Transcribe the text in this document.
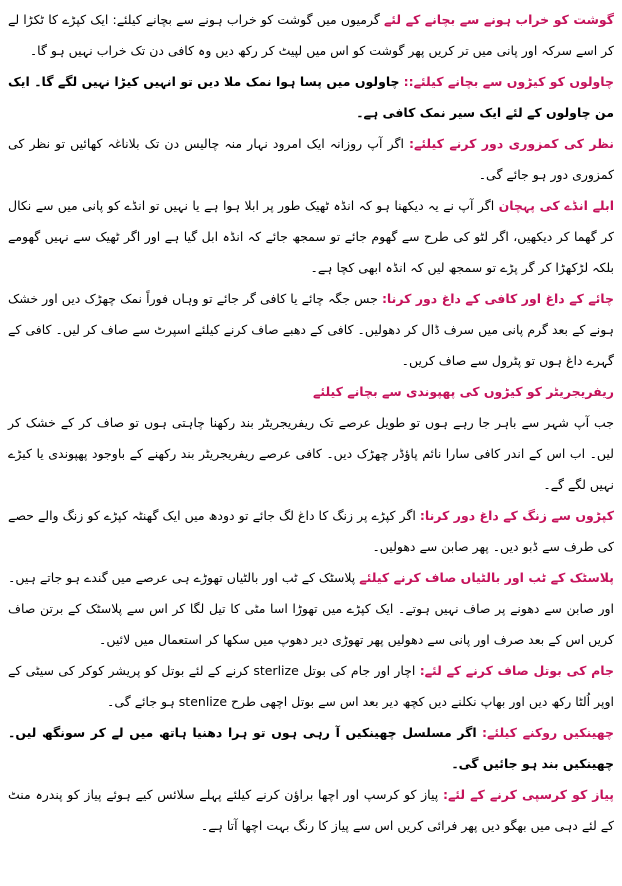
گوشت کو خراب ہونے سے بچانے کے لئے گرمیوں میں گوشت کو خراب ہونے سے بچانے کیلئے: ایک کپڑے کا ٹکڑا لے کر اسے سرکہ اور پانی میں تر کریں پھر گوشت کو اس میں لپیٹ کر رکھ دیں وہ کافی دن تک خراب نہیں ہو گا۔

چاولوں کو کیڑوں سے بچانے کیلئے:: چاولوں میں پسا ہوا نمک ملا دیں تو انہیں کیڑا نہیں لگے گا۔ ایک من چاولوں کے لئے ایک سیر نمک کافی ہے۔

نظر کی کمزوری دور کرنے کیلئے: اگر آپ روزانہ ایک امرود نہار منہ چالیس دن تک بلاناغہ کھائیں تو نظر کی کمزوری دور ہو جائے گی۔

ابلے انڈے کی پہچان اگر آپ نے یہ دیکھنا ہو کہ انڈہ ٹھیک طور پر ابلا ہوا ہے یا نہیں تو انڈے کو پانی میں سے نکال کر گھما کر دیکھیں، اگر لٹو کی طرح سے گھوم جائے تو سمجھ جائے کہ انڈہ ابل گیا ہے اور اگر ٹھیک سے نہیں گھومے بلکہ لڑکھڑا کر گر پڑے تو سمجھ لیں کہ انڈہ ابھی کچا ہے۔

چائے کے داغ اور کافی کے داغ دور کرنا: جس جگہ چائے یا کافی گر جائے تو وہاں فوراً نمک چھڑک دیں اور خشک ہونے کے بعد گرم پانی میں سرف ڈال کر دھولیں۔ کافی کے دھبے صاف کرنے کیلئے اسپرٹ سے صاف کر لیں۔ کافی کے گہرے داغ ہوں تو پٹرول سے صاف کریں۔

ریفریجریٹر کو کیڑوں کی پھپوندی سے بچانے کیلئے

جب آپ شہر سے باہر جا رہے ہوں تو طویل عرصے تک ریفریجریٹر بند رکھنا چاہتی ہوں تو صاف کر کے خشک کر لیں۔ اب اس کے اندر کافی سارا نائم پاؤڈر چھڑک دیں۔ کافی عرصے ریفریجریٹر بند رکھنے کے باوجود پھپوندی یا کیڑے نہیں لگے گے۔

کپڑوں سے زنگ کے داغ دور کرنا: اگر کپڑے پر زنگ کا داغ لگ جائے تو دودھ میں ایک گھنٹہ کپڑے کو زنگ والے حصے کی طرف سے ڈبو دیں۔ پھر صابن سے دھولیں۔

پلاسٹک کے ٹب اور بالٹیاں صاف کرنے کیلئے پلاسٹک کے ٹب اور بالٹیاں تھوڑے ہی عرصے میں گندے ہو جاتے ہیں۔ اور صابن سے دھونے پر صاف نہیں ہوتے۔ ایک کپڑے میں تھوڑا اسا مٹی کا تیل لگا کر اس سے پلاسٹک کے برتن صاف کریں اس کے بعد صرف اور پانی سے دھولیں پھر تھوڑی دیر دھوپ میں سکھا کر استعمال میں لائیں۔

جام کی بوتل صاف کرنے کے لئے: اچار اور جام کی بوتل sterlize کرنے کے لئے بوتل کو پریشر کوکر کی سیٹی کے اوپر اُلٹا رکھ دیں اور بھاپ نکلنے دیں کچھ دیر بعد اس سے بوتل اچھی طرح stenlize ہو جائے گی۔

چھینکیں روکنے کیلئے: اگر مسلسل چھینکیں آ رہی ہوں تو ہرا دھنیا ہاتھ میں لے کر سونگھ لیں۔ چھینکیں بند ہو جائیں گی۔

پیاز کو کرسپی کرنے کے لئے: پیاز کو کرسپ اور اچھا براؤن کرنے کیلئے پہلے سلائس کیے ہوئے پیاز کو پندرہ منٹ کے لئے دہی میں بھگو دیں پھر فرائی کریں اس سے پیاز کا رنگ بہت اچھا آتا ہے۔
